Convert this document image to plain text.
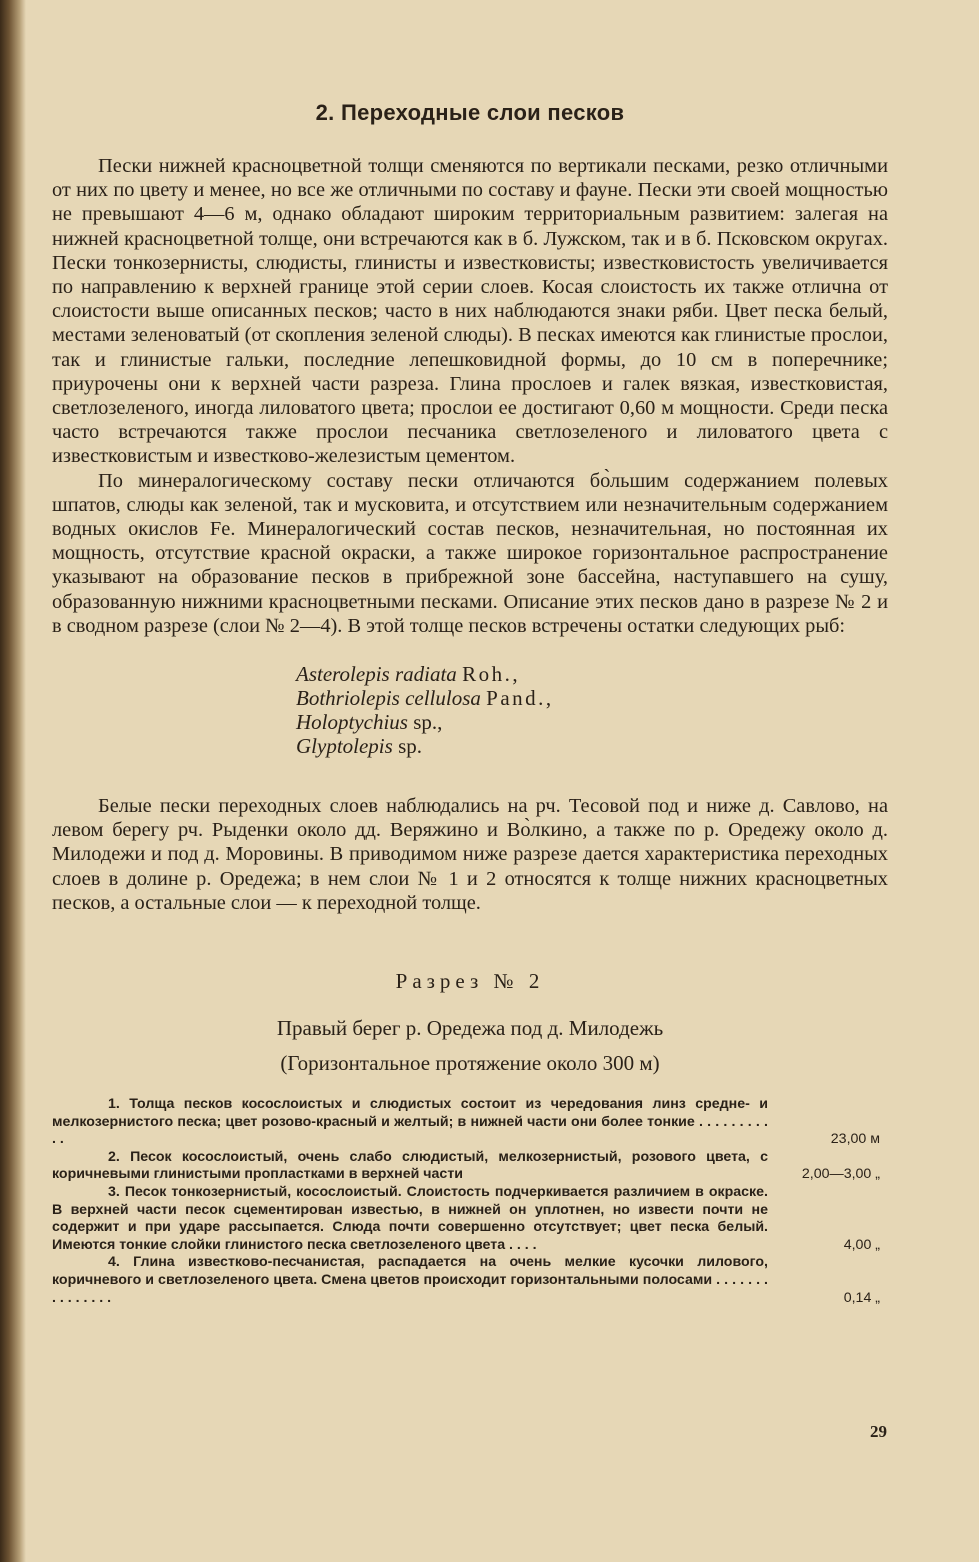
2. Переходные слои песков

Пески нижней красноцветной толщи сменяются по вертикали песками, резко отличными от них по цвету и менее, но все же отличными по составу и фауне. Пески эти своей мощностью не превышают 4—6 м, однако обладают широким территориальным развитием: залегая на нижней красноцветной толще, они встречаются как в б. Лужском, так и в б. Псковском округах. Пески тонкозернисты, слюдисты, глинисты и известковисты; известковистость увеличивается по направлению к верхней границе этой серии слоев. Косая слоистость их также отлична от слоистости выше описанных песков; часто в них наблюдаются знаки ряби. Цвет песка белый, местами зеленоватый (от скопления зеленой слюды). В песках имеются как глинистые прослои, так и глинистые гальки, последние лепешковидной формы, до 10 см в поперечнике; приурочены они к верхней части разреза. Глина прослоев и галек вязкая, известковистая, светлозеленого, иногда лиловатого цвета; прослои ее достигают 0,60 м мощности. Среди песка часто встречаются также прослои песчаника светлозеленого и лиловатого цвета с известковистым и известково-железистым цементом.

По минералогическому составу пески отличаются бо̀льшим содержанием полевых шпатов, слюды как зеленой, так и мусковита, и отсутствием или незначительным содержанием водных окислов Fe. Минералогический состав песков, незначительная, но постоянная их мощность, отсутствие красной окраски, а также широкое горизонтальное распространение указывают на образование песков в прибрежной зоне бассейна, наступавшего на сушу, образованную нижними красноцветными песками. Описание этих песков дано в разрезе № 2 и в сводном разрезе (слои № 2—4). В этой толще песков встречены остатки следующих рыб:

Asterolepis radiata Roh.,
Bothriolepis cellulosa Pand.,
Holoptychius sp.,
Glyptolepis sp.

Белые пески переходных слоев наблюдались на рч. Тесовой под и ниже д. Савлово, на левом берегу рч. Рыденки около дд. Веряжино и Во̀лкино, а также по р. Оредежу около д. Милодежи и под д. Моровины. В приводимом ниже разрезе дается характеристика переходных слоев в долине р. Оредежа; в нем слои № 1 и 2 относятся к толще нижних красноцветных песков, а остальные слои — к переходной толще.

Разрез № 2
Правый берег р. Оредежа под д. Милодежь
(Горизонтальное протяжение около 300 м)
1. Толща песков косослоистых и слюдистых состоит из чередования линз средне- и мелкозернистого песка; цвет розово-красный и желтый; в нижней части они более тонкие . . . . . . . . . . .	23,00 м
2. Песок косослоистый, очень слабо слюдистый, мелкозернистый, розового цвета, с коричневыми глинистыми пропластками в верхней части	2,00—3,00 „
3. Песок тонкозернистый, косослоистый. Слоистость подчеркивается различием в окраске. В верхней части песок сцементирован известью, в нижней он уплотнен, но извести почти не содержит и при ударе рассыпается. Слюда почти совершенно отсутствует; цвет песка белый. Имеются тонкие слойки глинистого песка светлозеленого цвета . . . .	4,00 „
4. Глина известково-песчанистая, распадается на очень мелкие кусочки лилового, коричневого и светлозеленого цвета. Смена цветов происходит горизонтальными полосами . . . . . . . . . . . . . . .	0,14 „
29
